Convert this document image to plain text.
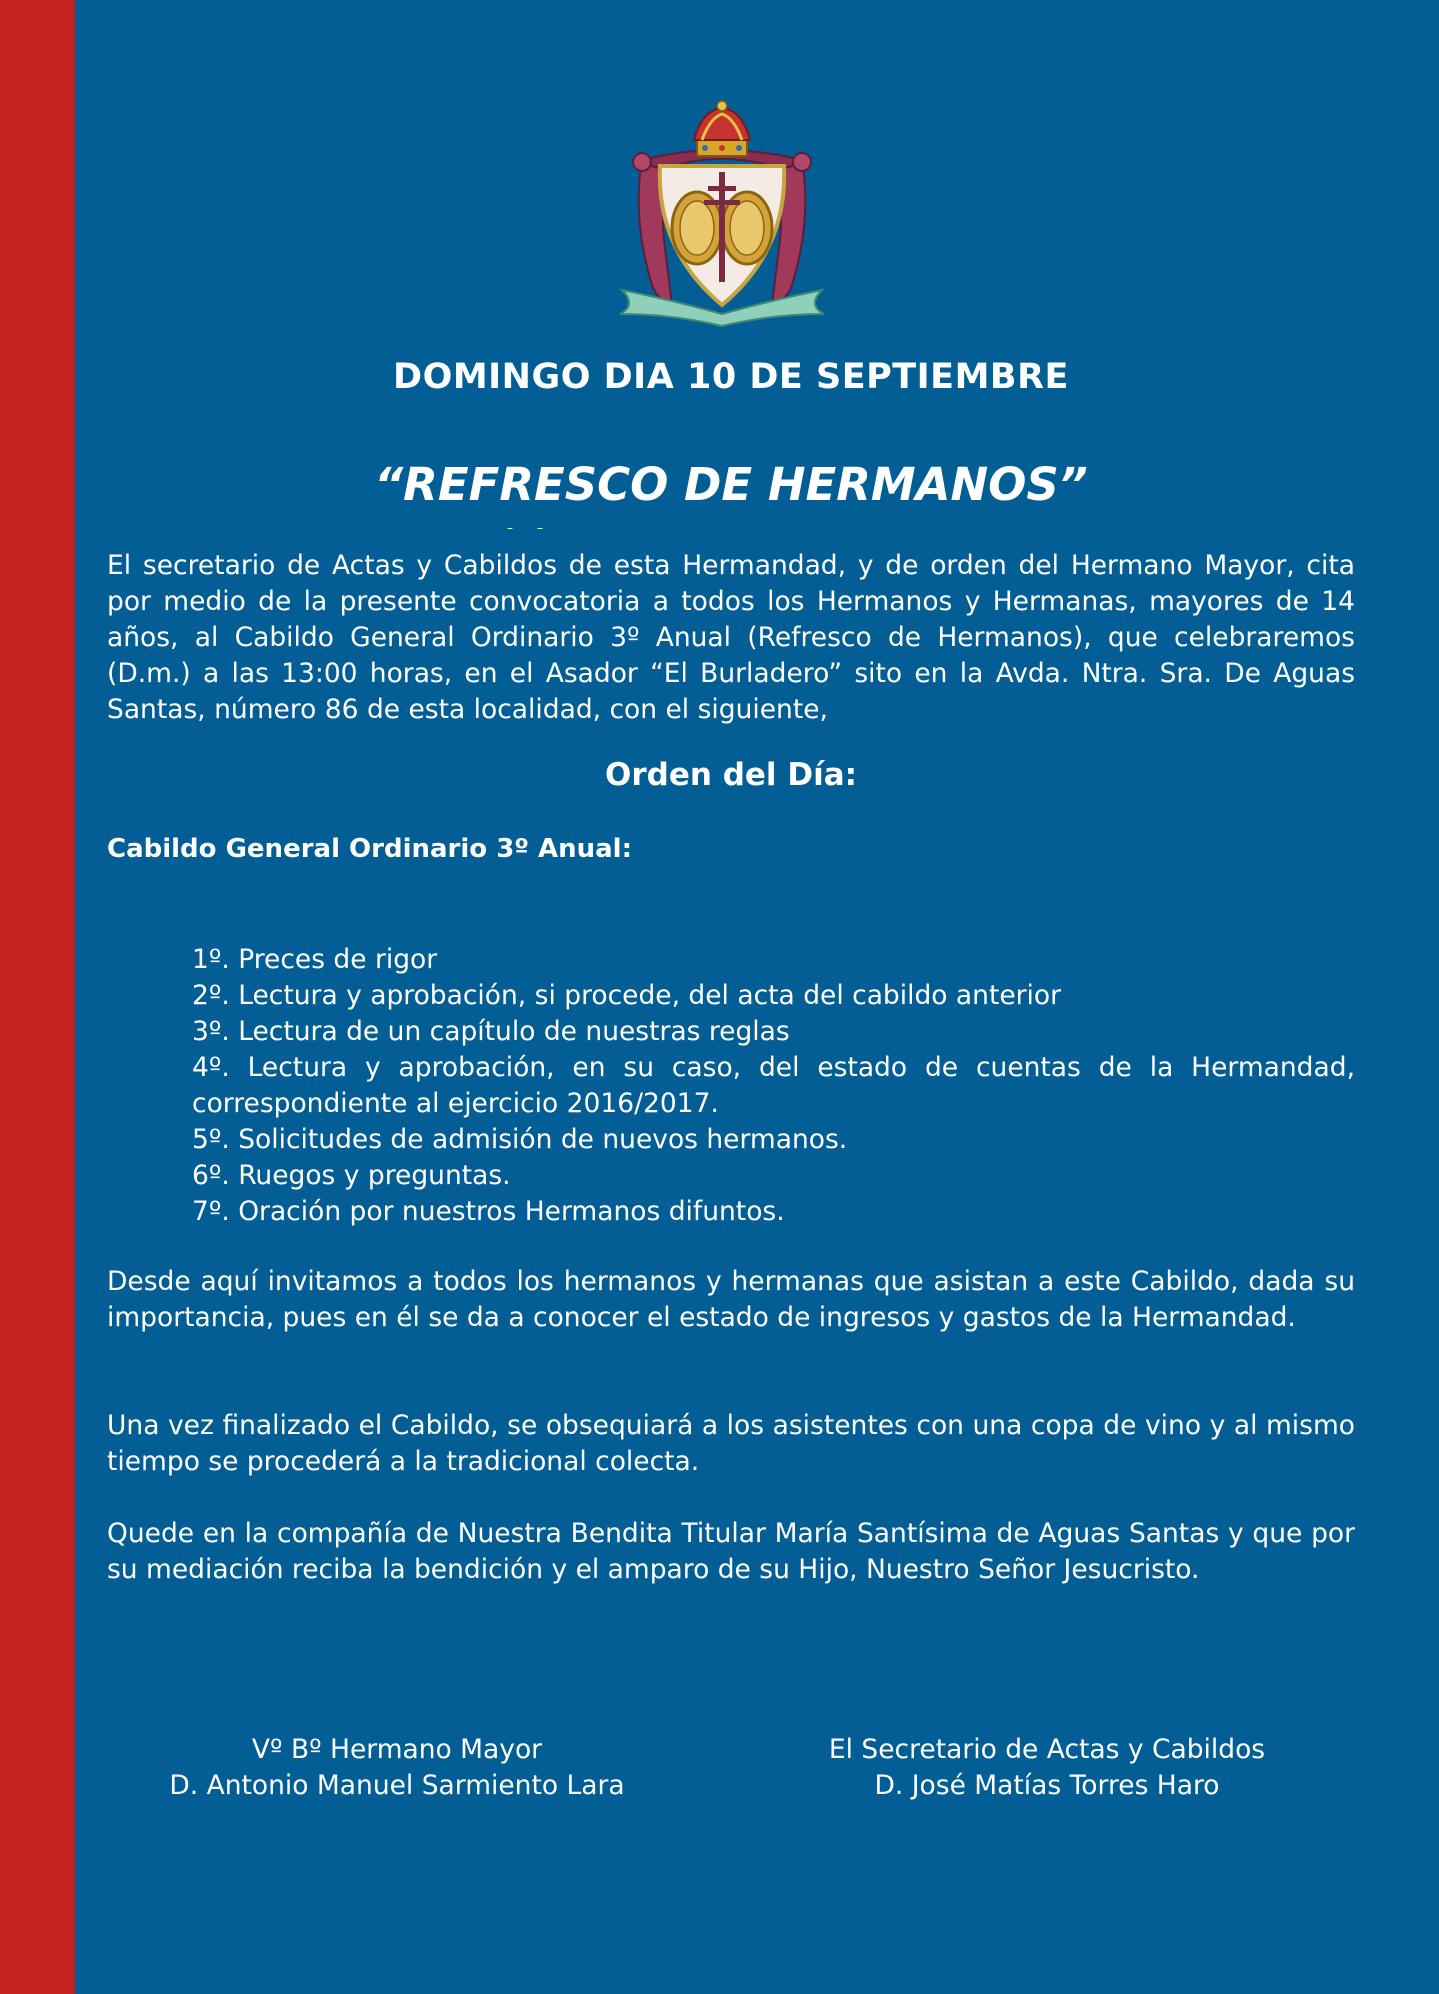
DOMINGO DIA 10 DE SEPTIEMBRE
“REFRESCO DE HERMANOS”
– –

El secretario de Actas y Cabildos de esta Hermandad, y de orden del Hermano Mayor, cita por medio de la presente convocatoria a todos los Hermanos y Hermanas, mayores de 14 años, al Cabildo General Ordinario 3º Anual (Refresco de Hermanos), que celebraremos (D.m.) a las 13:00 horas, en el Asador “El Burladero” sito en la Avda. Ntra. Sra. De Aguas Santas, número 86 de esta localidad, con el siguiente,

Orden del Día:
Cabildo General Ordinario 3º Anual:
1º. Preces de rigor
2º. Lectura y aprobación, si procede, del acta del cabildo anterior
3º. Lectura de un capítulo de nuestras reglas
4º. Lectura y aprobación, en su caso, del estado de cuentas de la Hermandad, correspondiente al ejercicio 2016/2017.
5º. Solicitudes de admisión de nuevos hermanos.
6º. Ruegos y preguntas.
7º. Oración por nuestros Hermanos difuntos.

Desde aquí invitamos a todos los hermanos y hermanas que asistan a este Cabildo, dada su importancia, pues en él se da a conocer el estado de ingresos y gastos de la Hermandad.

Una vez finalizado el Cabildo, se obsequiará a los asistentes con una copa de vino y al mismo tiempo se procederá a la tradicional colecta.

Quede en la compañía de Nuestra Bendita Titular María Santísima de Aguas Santas y que por su mediación reciba la bendición y el amparo de su Hijo, Nuestro Señor Jesucristo.

Vº Bº Hermano Mayor
D. Antonio Manuel Sarmiento Lara
El Secretario de Actas y Cabildos
D. José Matías Torres Haro
